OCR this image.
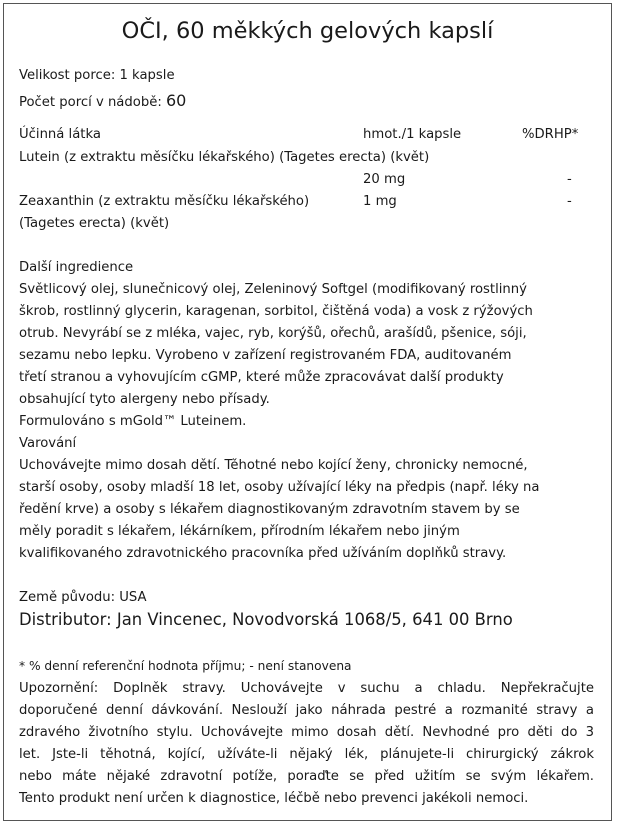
OČI, 60 měkkých gelových kapslí
Velikost porce: 1 kapsle
Počet porcí v nádobě: 60
Účinná látka	hmot./1 kapsle	%DRHP*
Lutein (z extraktu měsíčku lékařského) (Tagetes erecta) (květ)
20 mg	-
Zeaxanthin (z extraktu měsíčku lékařského)
(Tagetes erecta) (květ)
1 mg	-
Další ingredience
Světlicový olej, slunečnicový olej, Zeleninový Softgel (modifikovaný rostlinný
škrob, rostlinný glycerin, karagenan, sorbitol, čištěná voda) a vosk z rýžových
otrub. Nevyrábí se z mléka, vajec, ryb, korýšů, ořechů, arašídů, pšenice, sóji,
sezamu nebo lepku. Vyrobeno v zařízení registrovaném FDA, auditovaném
třetí stranou a vyhovujícím cGMP, které může zpracovávat další produkty
obsahující tyto alergeny nebo přísady.
Formulováno s mGold™ Luteinem.
Varování
Uchovávejte mimo dosah dětí. Těhotné nebo kojící ženy, chronicky nemocné,
starší osoby, osoby mladší 18 let, osoby užívající léky na předpis (např. léky na
ředění krve) a osoby s lékařem diagnostikovaným zdravotním stavem by se
měly poradit s lékařem, lékárníkem, přírodním lékařem nebo jiným
kvalifikovaného zdravotnického pracovníka před užíváním doplňků stravy.
Země původu: USA
Distributor: Jan Vincenec, Novodvorská 1068/5, 641 00 Brno
* % denní referenční hodnota příjmu; - není stanovena
Upozornění: Doplněk stravy. Uchovávejte v suchu a chladu. Nepřekračujte
doporučené denní dávkování. Neslouží jako náhrada pestré a rozmanité stravy a
zdravého životního stylu. Uchovávejte mimo dosah dětí. Nevhodné pro děti do 3
let. Jste-li těhotná, kojící, užíváte-li nějaký lék, plánujete-li chirurgický zákrok
nebo máte nějaké zdravotní potíže, poraďte se před užitím se svým lékařem.
Tento produkt není určen k diagnostice, léčbě nebo prevenci jakékoli nemoci.
